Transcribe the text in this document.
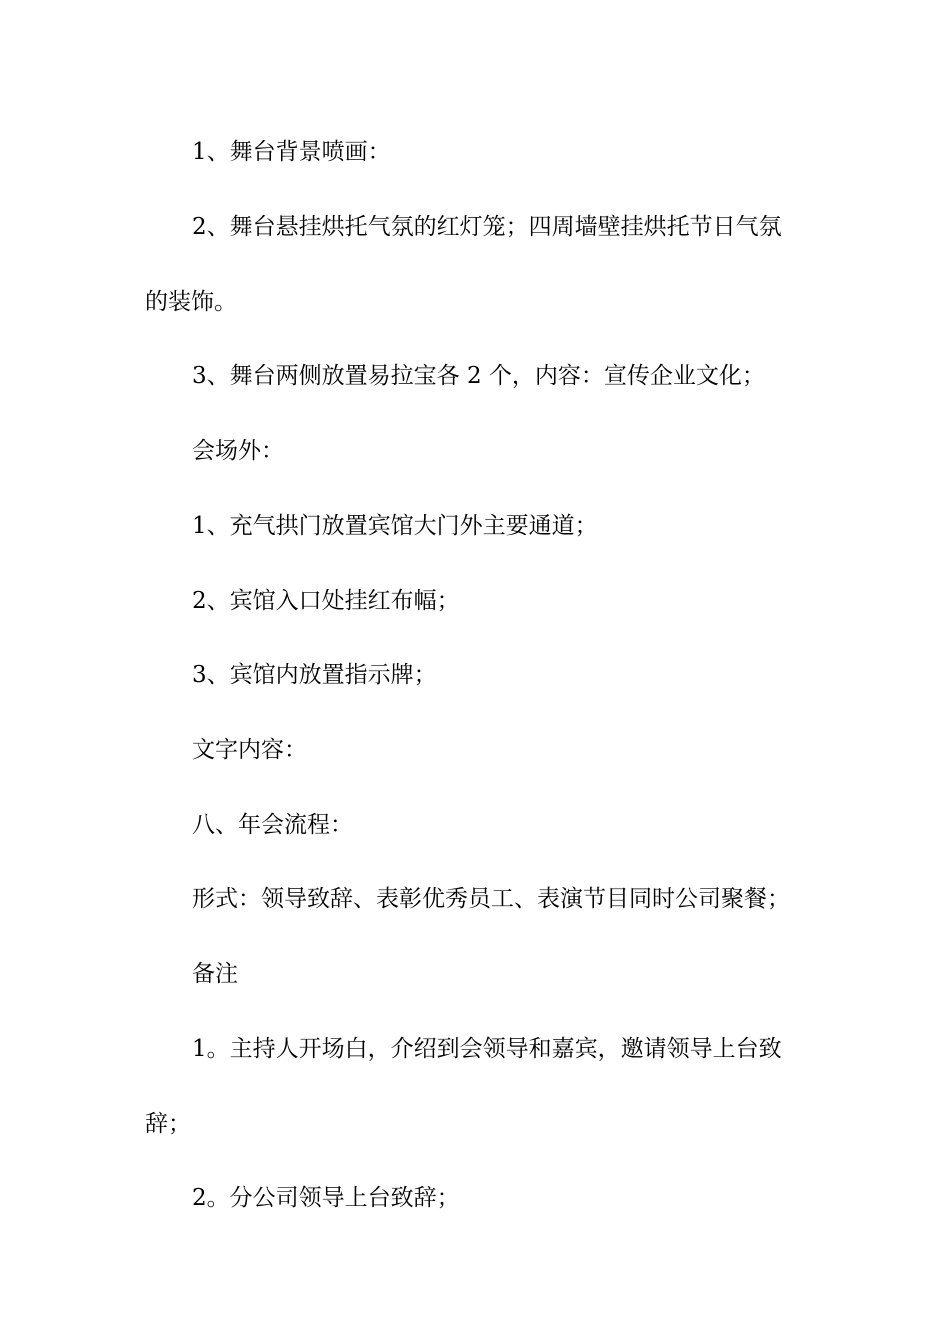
1、舞台背景喷画：
2、舞台悬挂烘托气氛的红灯笼；四周墙壁挂烘托节日气氛
的装饰。
3、舞台两侧放置易拉宝各 2 个，内容：宣传企业文化；
会场外：
1、充气拱门放置宾馆大门外主要通道；
2、宾馆入口处挂红布幅；
3、宾馆内放置指示牌；
文字内容：
八、年会流程：
形式：领导致辞、表彰优秀员工、表演节目同时公司聚餐；
备注
1。主持人开场白，介绍到会领导和嘉宾，邀请领导上台致
辞；
2。分公司领导上台致辞；
